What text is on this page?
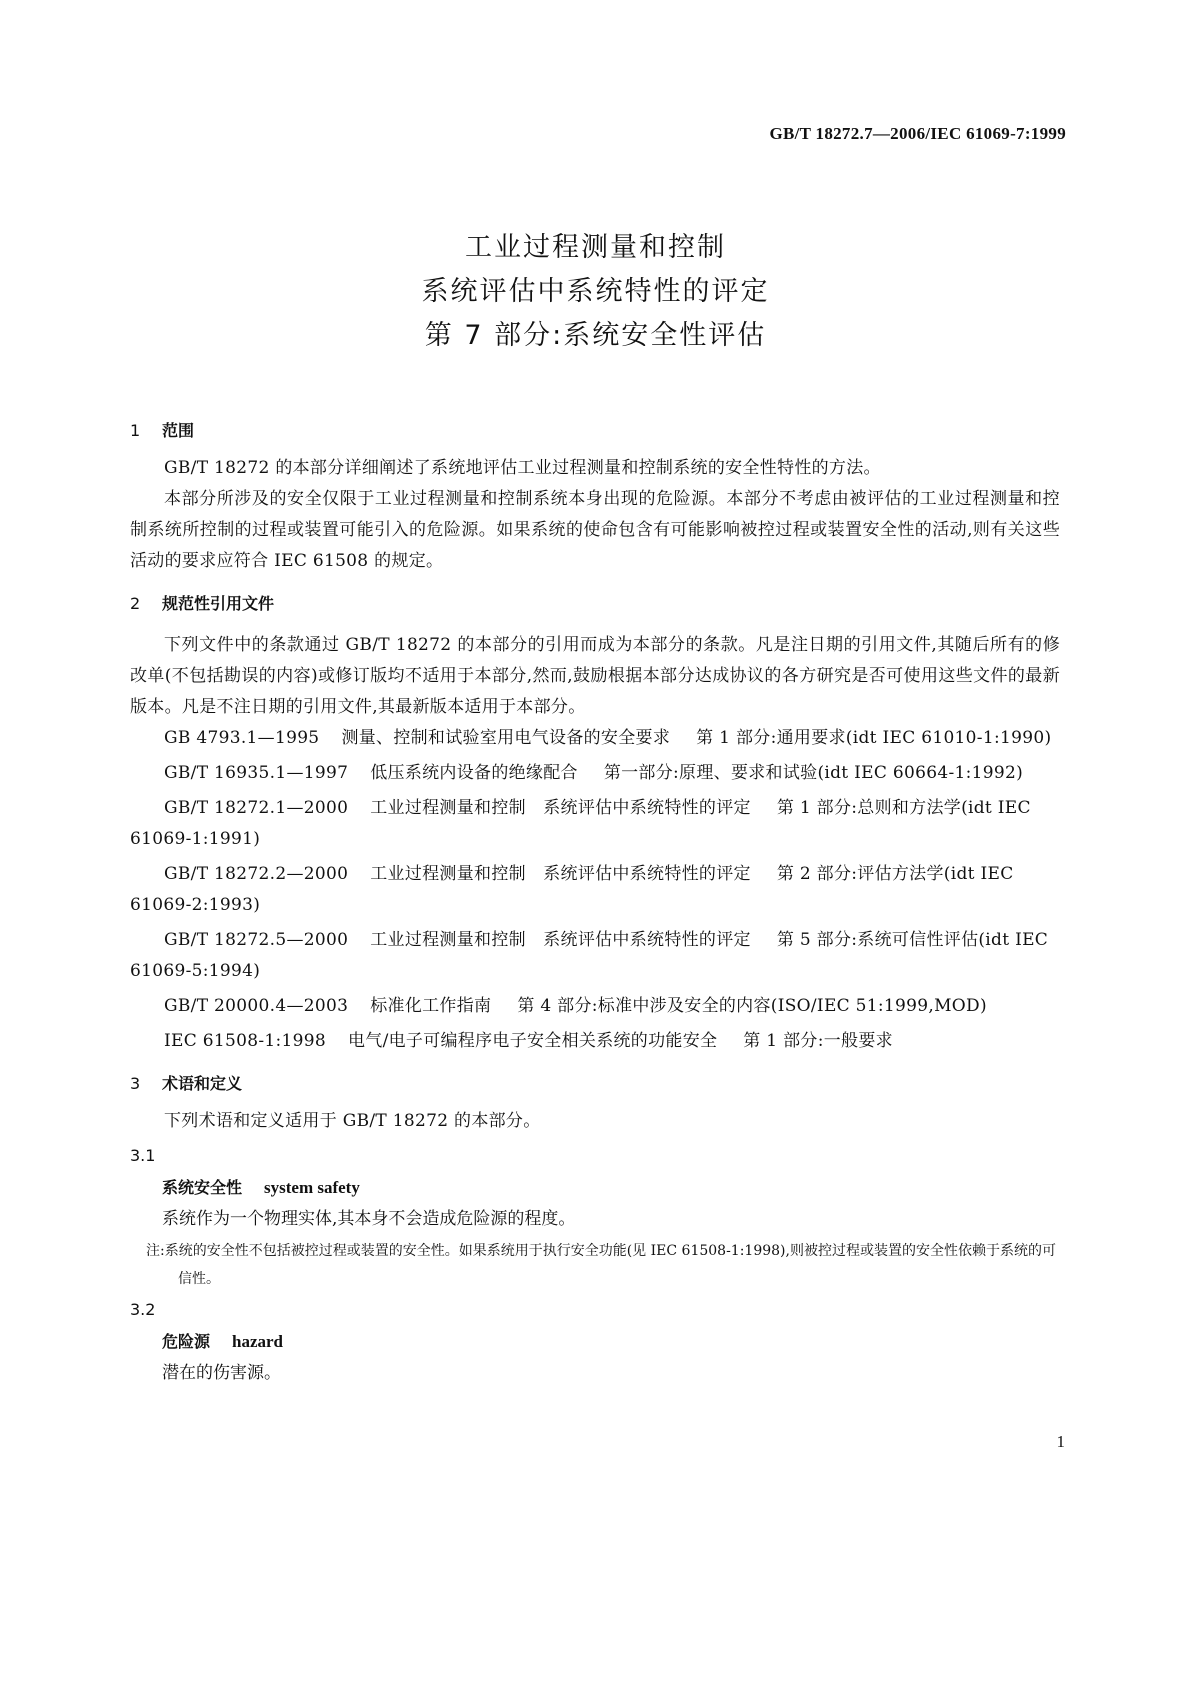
GB/T 18272.7—2006/IEC 61069-7:1999
工业过程测量和控制
系统评估中系统特性的评定
第 7 部分:系统安全性评估
1 范围

GB/T 18272 的本部分详细阐述了系统地评估工业过程测量和控制系统的安全性特性的方法。

本部分所涉及的安全仅限于工业过程测量和控制系统本身出现的危险源。本部分不考虑由被评估的工业过程测量和控制系统所控制的过程或装置可能引入的危险源。如果系统的使命包含有可能影响被控过程或装置安全性的活动,则有关这些活动的要求应符合 IEC 61508 的规定。

2 规范性引用文件

下列文件中的条款通过 GB/T 18272 的本部分的引用而成为本部分的条款。凡是注日期的引用文件,其随后所有的修改单(不包括勘误的内容)或修订版均不适用于本部分,然而,鼓励根据本部分达成协议的各方研究是否可使用这些文件的最新版本。凡是不注日期的引用文件,其最新版本适用于本部分。

GB 4793.1—1995 测量、控制和试验室用电气设备的安全要求 第 1 部分:通用要求(idt IEC 61010-1:1990)

GB/T 16935.1—1997 低压系统内设备的绝缘配合 第一部分:原理、要求和试验(idt IEC 60664-1:1992)

GB/T 18272.1—2000 工业过程测量和控制　系统评估中系统特性的评定 第 1 部分:总则和方法学(idt IEC 61069-1:1991)

GB/T 18272.2—2000 工业过程测量和控制　系统评估中系统特性的评定 第 2 部分:评估方法学(idt IEC 61069-2:1993)

GB/T 18272.5—2000 工业过程测量和控制　系统评估中系统特性的评定 第 5 部分:系统可信性评估(idt IEC 61069-5:1994)

GB/T 20000.4—2003 标准化工作指南 第 4 部分:标准中涉及安全的内容(ISO/IEC 51:1999,MOD)

IEC 61508-1:1998 电气/电子可编程序电子安全相关系统的功能安全 第 1 部分:一般要求

3 术语和定义

下列术语和定义适用于 GB/T 18272 的本部分。

3.1
系统安全性 system safety

系统作为一个物理实体,其本身不会造成危险源的程度。

注:系统的安全性不包括被控过程或装置的安全性。如果系统用于执行安全功能(见 IEC 61508-1:1998),则被控过程或装置的安全性依赖于系统的可信性。

3.2
危险源 hazard

潜在的伤害源。

1
